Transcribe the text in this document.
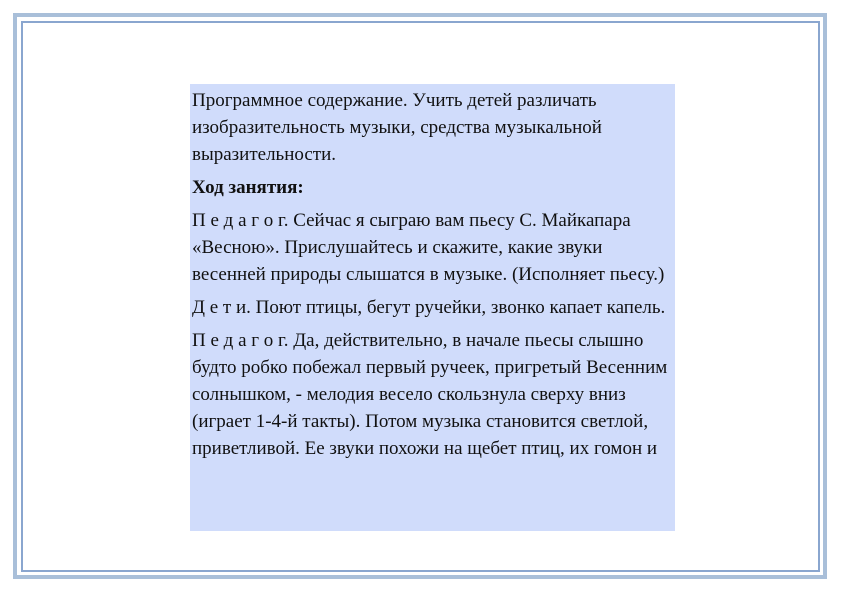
Программное содержание. Учить детей различать изобразительность музыки, средства музыкальной выразительности.

Ход занятия:

П е д а г о г. Сейчас я сыграю вам пьесу С. Майкапара «Весною». Прислушайтесь и скажите, какие звуки весенней природы слышатся в музыке. (Исполняет пьесу.)

Д е т и. Поют птицы, бегут ручейки, звонко капает капель.

П е д а г о г. Да, действительно, в начале пьесы слышно будто робко побежал первый ручеек, пригретый Весенним солнышком, - мелодия весело скользнула сверху вниз (играет 1-4-й такты). Потом музыка становится светлой, приветливой. Ее звуки похожи на щебет птиц, их гомон и
